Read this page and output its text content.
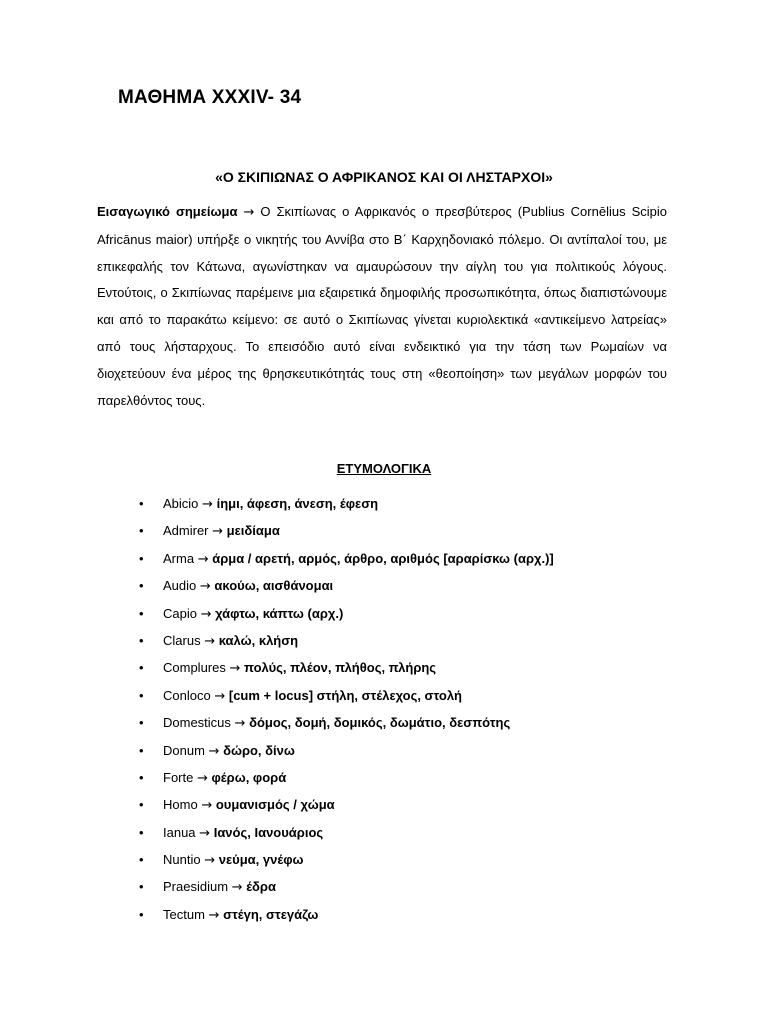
ΜΑΘΗΜΑ XXXIV- 34
«Ο ΣΚΙΠΙΩΝΑΣ Ο ΑΦΡΙΚΑΝΟΣ ΚΑΙ ΟΙ ΛΗΣΤΑΡΧΟΙ»

Εισαγωγικό σημείωμα → Ο Σκιπίωνας ο Αφρικανός ο πρεσβύτερος (Publius Cornēlius Scipio Africānus maior) υπήρξε ο νικητής του Αννίβα στο Β΄ Καρχηδονιακό πόλεμο. Οι αντίπαλοί του, με επικεφαλής τον Κάτωνα, αγωνίστηκαν να αμαυρώσουν την αίγλη του για πολιτικούς λόγους. Εντούτοις, ο Σκιπίωνας παρέμεινε μια εξαιρετικά δημοφιλής προσωπικότητα, όπως διαπιστώνουμε και από το παρακάτω κείμενο: σε αυτό ο Σκιπίωνας γίνεται κυριολεκτικά «αντικείμενο λατρείας» από τους λήσταρχους. Το επεισόδιο αυτό είναι ενδεικτικό για την τάση των Ρωμαίων να διοχετεύουν ένα μέρος της θρησκευτικότητάς τους στη «θεοποίηση» των μεγάλων μορφών του παρελθόντος τους.

ΕΤΥΜΟΛΟΓΙΚΑ
• Abicio → ίημι, άφεση, άνεση, έφεση
• Admirer → μειδίαμα
• Arma → άρμα / αρετή, αρμός, άρθρο, αριθμός [αραρίσκω (αρχ.)]
• Audio → ακούω, αισθάνομαι
• Capio → χάφτω, κάπτω (αρχ.)
• Clarus → καλώ, κλήση
• Complures → πολύς, πλέον, πλήθος, πλήρης
• Conloco → [cum + locus] στήλη, στέλεχος, στολή
• Domesticus → δόμος, δομή, δομικός, δωμάτιο, δεσπότης
• Donum → δώρο, δίνω
• Forte → φέρω, φορά
• Homo → ουμανισμός / χώμα
• Ianua → Ιανός, Ιανουάριος
• Nuntio → νεύμα, γνέφω
• Praesidium → έδρα
• Tectum → στέγη, στεγάζω
